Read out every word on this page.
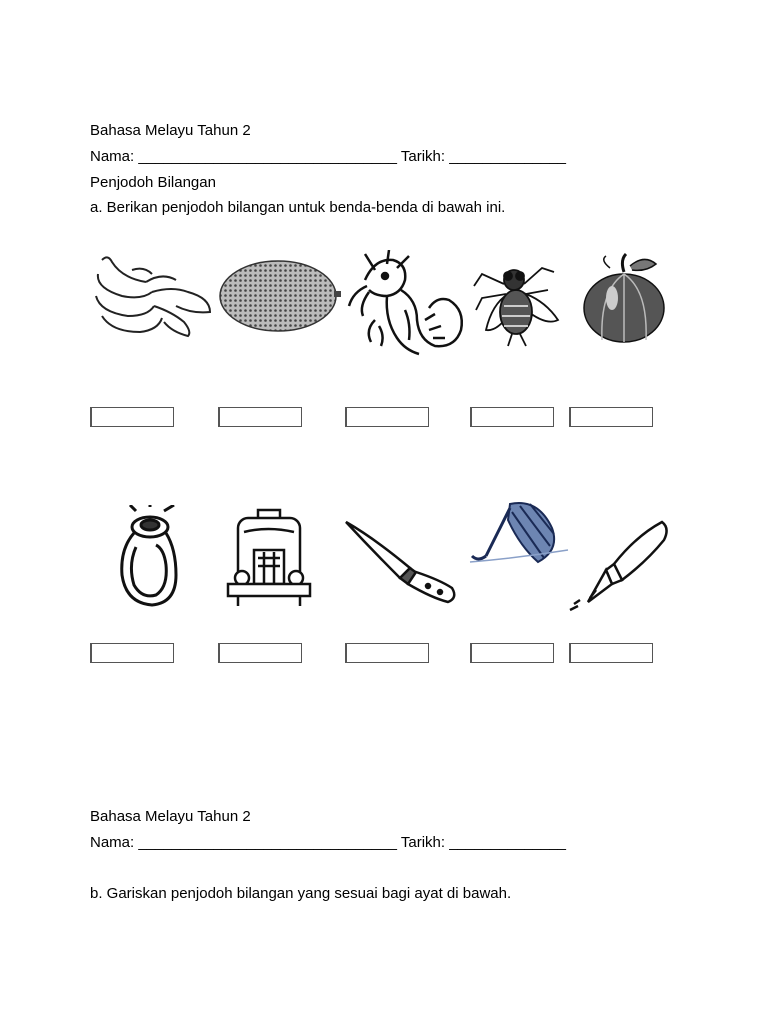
Bahasa Melayu Tahun 2
Nama: _______________________________ Tarikh: ______________
Penjodoh Bilangan
a. Berikan penjodoh bilangan untuk benda-benda di bawah ini.
Bahasa Melayu Tahun 2
Nama: _______________________________ Tarikh: ______________
b. Gariskan penjodoh bilangan yang sesuai bagi ayat di bawah.
